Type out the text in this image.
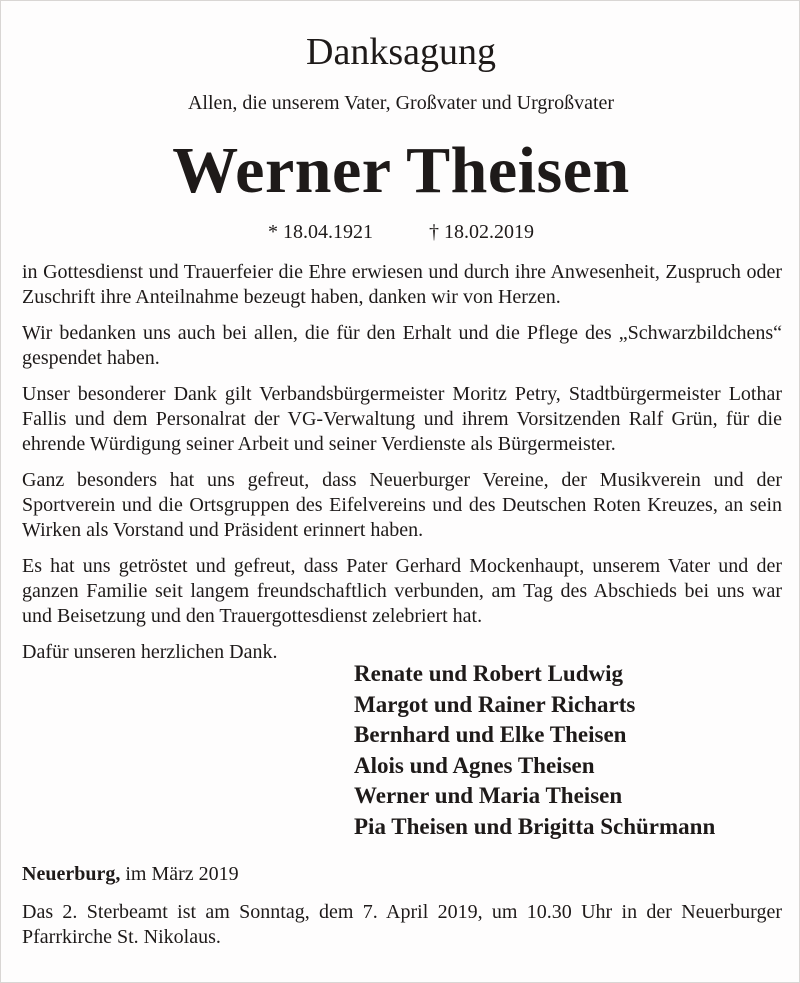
Danksagung
Allen, die unserem Vater, Großvater und Urgroßvater
Werner Theisen
* 18.04.1921	† 18.02.2019

in Gottesdienst und Trauerfeier die Ehre erwiesen und durch ihre Anwesenheit, Zuspruch oder Zuschrift ihre Anteilnahme bezeugt haben, danken wir von Herzen.

Wir bedanken uns auch bei allen, die für den Erhalt und die Pflege des „Schwarzbildchens“ gespendet haben.

Unser besonderer Dank gilt Verbandsbürgermeister Moritz Petry, Stadtbürgermeister Lothar Fallis und dem Personalrat der VG-Verwaltung und ihrem Vorsitzenden Ralf Grün, für die ehrende Würdigung seiner Arbeit und seiner Verdienste als Bürgermeister.

Ganz besonders hat uns gefreut, dass Neuerburger Vereine, der Musikverein und der Sportverein und die Ortsgruppen des Eifelvereins und des Deutschen Roten Kreuzes, an sein Wirken als Vorstand und Präsident erinnert haben.

Es hat uns getröstet und gefreut, dass Pater Gerhard Mockenhaupt, unserem Vater und der ganzen Familie seit langem freundschaftlich verbunden, am Tag des Abschieds bei uns war und Beisetzung und den Trauergottesdienst zelebriert hat.

Dafür unseren herzlichen Dank.

Renate und Robert Ludwig
Margot und Rainer Richarts
Bernhard und Elke Theisen
Alois und Agnes Theisen
Werner und Maria Theisen
Pia Theisen und Brigitta Schürmann
Neuerburg, im März 2019
Das 2. Sterbeamt ist am Sonntag, dem 7. April 2019, um 10.30 Uhr in der Neuerburger Pfarrkirche St. Nikolaus.
